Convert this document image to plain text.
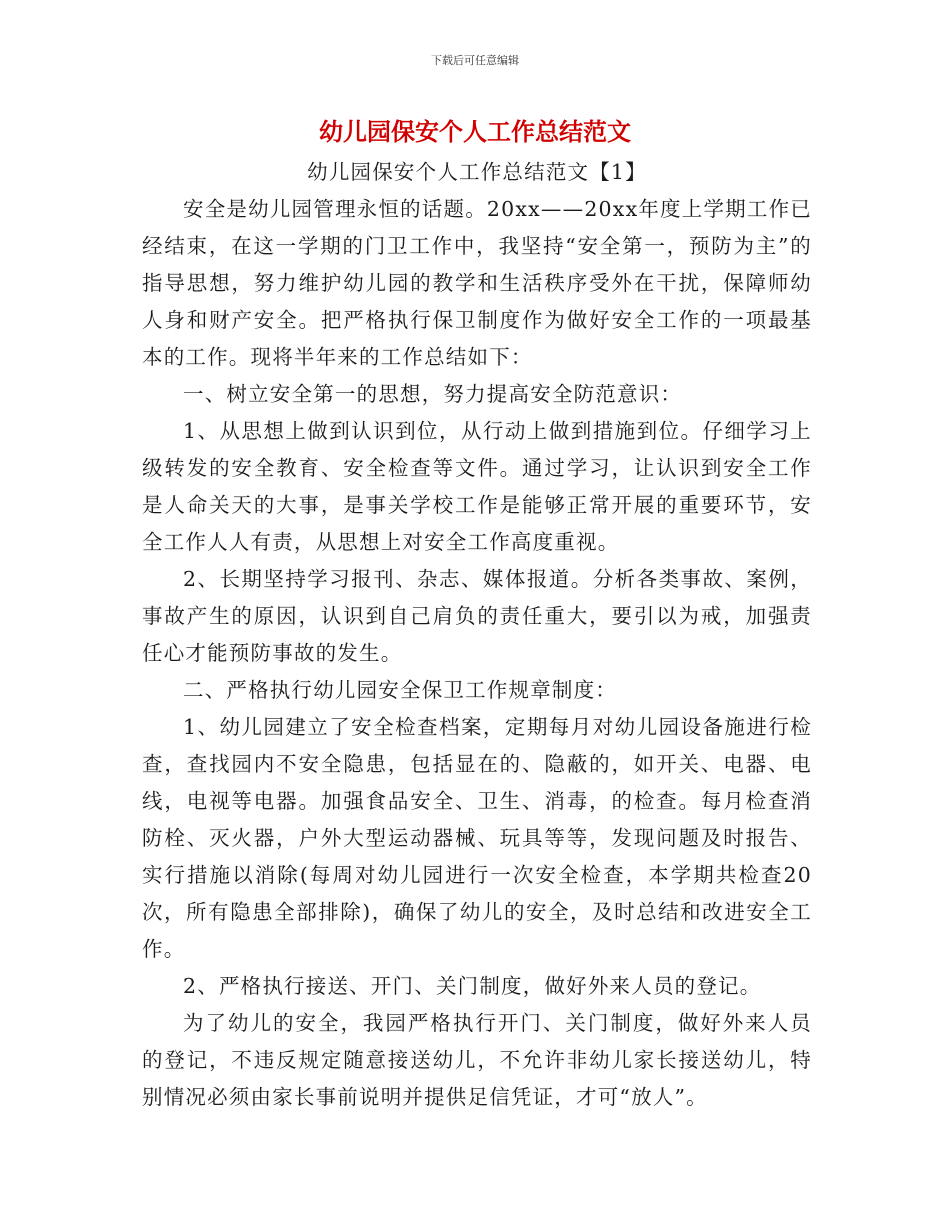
下载后可任意编辑
幼儿园保安个人工作总结范文

幼儿园保安个人工作总结范文【1】

安全是幼儿园管理永恒的话题。20xx——20xx年度上学期工作已经结束，在这一学期的门卫工作中，我坚持“安全第一，预防为主”的指导思想，努力维护幼儿园的教学和生活秩序受外在干扰，保障师幼人身和财产安全。把严格执行保卫制度作为做好安全工作的一项最基本的工作。现将半年来的工作总结如下：

一、树立安全第一的思想，努力提高安全防范意识：

1、从思想上做到认识到位，从行动上做到措施到位。仔细学习上级转发的安全教育、安全检查等文件。通过学习，让认识到安全工作是人命关天的大事，是事关学校工作是能够正常开展的重要环节，安全工作人人有责，从思想上对安全工作高度重视。

2、长期坚持学习报刊、杂志、媒体报道。分析各类事故、案例，事故产生的原因，认识到自己肩负的责任重大，要引以为戒，加强责任心才能预防事故的发生。

二、严格执行幼儿园安全保卫工作规章制度：

1、幼儿园建立了安全检查档案，定期每月对幼儿园设备施进行检查，查找园内不安全隐患，包括显在的、隐蔽的，如开关、电器、电线，电视等电器。加强食品安全、卫生、消毒，的检查。每月检查消防栓、灭火器，户外大型运动器械、玩具等等，发现问题及时报告、实行措施以消除(每周对幼儿园进行一次安全检查，本学期共检查20次，所有隐患全部排除)，确保了幼儿的安全，及时总结和改进安全工作。

2、严格执行接送、开门、关门制度，做好外来人员的登记。

为了幼儿的安全，我园严格执行开门、关门制度，做好外来人员的登记，不违反规定随意接送幼儿，不允许非幼儿家长接送幼儿，特别情况必须由家长事前说明并提供足信凭证，才可“放人”。
